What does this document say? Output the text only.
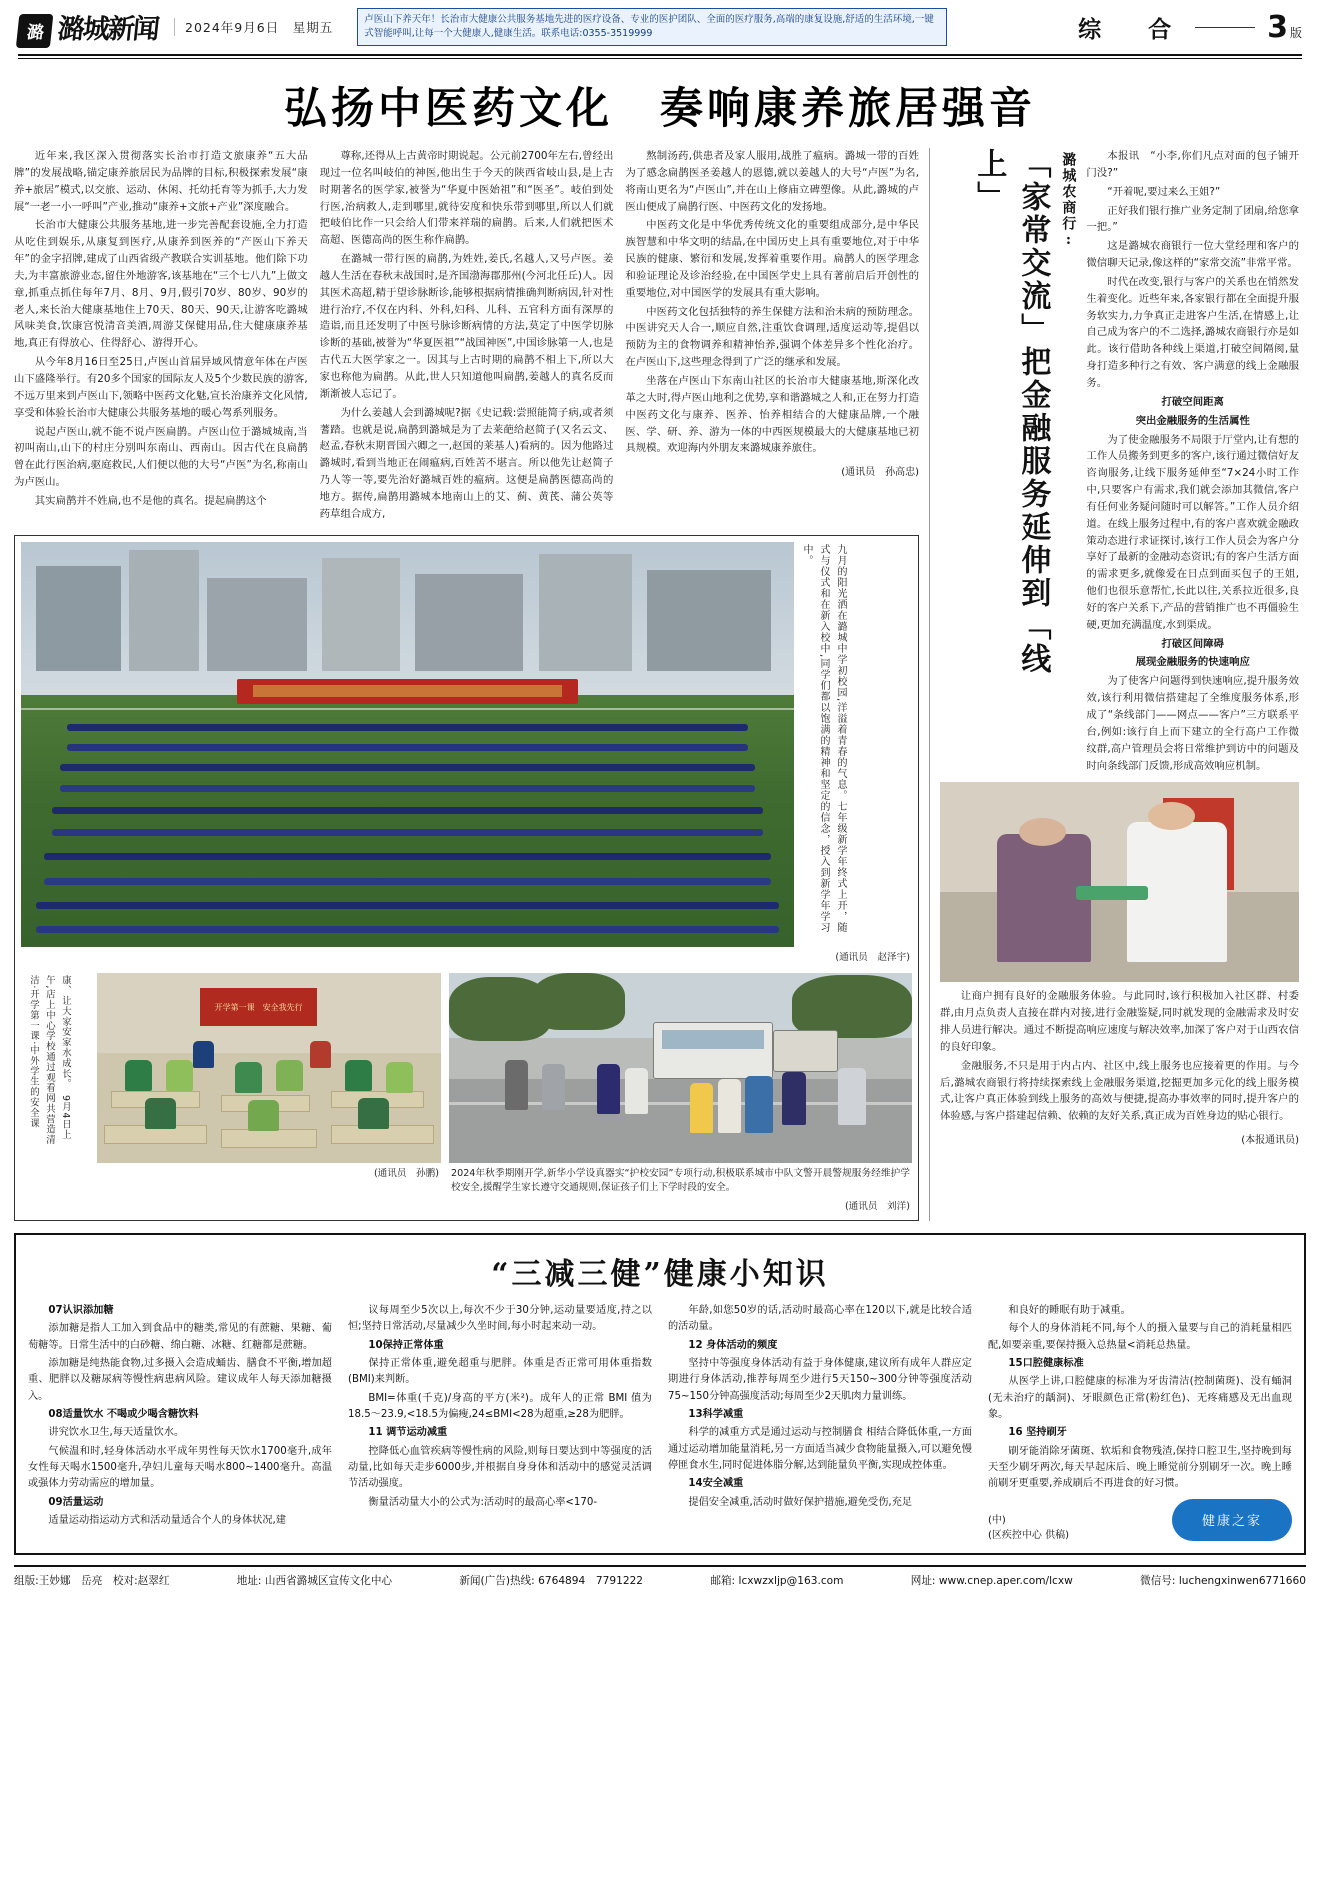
潞 潞城新闻	2024年9月6日　星期五
卢医山下养天年！长治市大健康公共服务基地先进的医疗设备、专业的医护团队、全面的医疗服务,高端的康复设施,舒适的生活环境,一键式智能呼叫,让每一个大健康人,健康生活。联系电话:0355-3519999	综　合	3 版
弘扬中医药文化　奏响康养旅居强音

近年来,我区深入贯彻落实长治市打造文旅康养“五大品牌”的发展战略,锚定康养旅居民为品牌的目标,积极探索发展“康养+旅居”模式,以交旅、运动、休闲、托幼托育等为抓手,大力发展“一老一小一呼叫”产业,推动“康养+文旅+产业”深度融合。

长治市大健康公共服务基地,进一步完善配套设施,全力打造从吃住到娱乐,从康复到医疗,从康养到医养的“产医山下养天年”的金字招牌,建成了山西省级产教联合实训基地。他们除下功夫,为丰富旅游业态,留住外地游客,该基地在“三个七八九”上做文章,抓重点抓住每年7月、8月、9月,假引70岁、80岁、90岁的老人,来长治大健康基地住上70天、80天、90天,让游客吃潞城风味美食,饮康宫悦清音美酒,周游艾保健用品,住大健康康养基地,真正有得放心、住得舒心、游得开心。

从今年8月16日至25日,卢医山首届异域风情意年体在卢医山下盛隆举行。有20多个国家的国际友人及5个少数民族的游客,不远万里来到卢医山下,领略中医药文化魅,宣长治康养文化风情,享受和体验长治市大健康公共服务基地的暖心驾系列服务。

说起卢医山,就不能不说卢医扁鹊。卢医山位于潞城城南,当初叫南山,山下的村庄分别叫东南山、西南山。因古代在良扁鹊曾在此行医治病,驱庭救民,人们便以他的大号“卢医”为名,称南山为卢医山。

其实扁鹊并不姓扁,也不是他的真名。提起扁鹊这个

尊称,还得从上古黄帝时期说起。公元前2700年左右,曾经出现过一位名叫岐伯的神医,他出生于今天的陕西省岐山县,是上古时期著名的医学家,被誉为“华夏中医始祖”和“医圣”。岐伯到处行医,治病救人,走到哪里,就待安度和快乐带到哪里,所以人们就把岐伯比作一只会给人们带来祥瑞的扁鹊。后来,人们就把医术高超、医德高尚的医生称作扁鹊。

在潞城一带行医的扁鹊,为姓姓,姜氏,名越人,又号卢医。姜越人生活在春秋末战国时,是齐国渤海郡那州(今河北任丘)人。因其医术高超,精于望诊脉断诊,能够根据病情推确判断病因,针对性进行治疗,不仅在内科、外科,妇科、儿科、五官科方面有深厚的造诣,而且还发明了中医号脉诊断病情的方法,莫定了中医学切脉诊断的基础,被誉为“华夏医祖”“战国神医”,中国诊脉第一人,也是古代五大医学家之一。因其与上古时期的扁鹊不相上下,所以大家也称他为扁鹊。从此,世人只知道他叫扁鹊,姜越人的真名反而渐渐被人忘记了。

为什么姜越人会到潞城呢?据《史记载:尝照能简子病,或者须蓍踏。也就是说,扁鹊到潞城是为了去莱葩给赵简子(又名云文、赵孟,春秋末期晋国六卿之一,赵国的莱基人)看病的。因为他路过潞城时,看到当地正在闹瘟病,百姓苦不堪言。所以他先让赵简子乃人等一等,要先治好潞城百姓的瘟病。这便是扁鹊医德高尚的地方。据传,扁鹊用潞城本地南山上的艾、蓟、黄芪、蒲公英等药草组合成方,

熬制汤药,供患者及家人服用,战胜了瘟病。潞城一带的百姓为了感念扁鹊医圣姜越人的恩德,就以姜越人的大号“卢医”为名,将南山更名为“卢医山”,并在山上修庙立碑塑像。从此,潞城的卢医山便成了扁鹊行医、中医药文化的发扬地。

中医药文化是中华优秀传统文化的重要组成部分,是中华民族智慧和中华文明的结晶,在中国历史上具有重要地位,对于中华民族的健康、繁衍和发展,发挥着重要作用。扁鹊人的医学理念和验证理论及诊治经验,在中国医学史上具有著前启后开创性的重要地位,对中国医学的发展具有重大影响。

中医药文化包括独特的养生保健方法和治未病的预防理念。中医讲究天人合一,顺应自然,注重饮食调理,适度运动等,提倡以预防为主的食物调养和精神怡养,强调个体差异多个性化治疗。在卢医山下,这些理念得到了广泛的继承和发展。

坐落在卢医山下东南山社区的长治市大健康基地,斯深化改革之大时,得卢医山地利之优势,享和谐潞城之人和,正在努力打造中医药文化与康养、医养、怡养相结合的大健康品牌,一个融医、学、研、养、游为一体的中西医规模最大的大健康基地已初具规模。欢迎海内外朋友来潞城康养旅住。

(通讯员　孙高忠)
九月的阳光洒在潞城中学初校园,洋溢着青春的气息。七年级新学年终式上开，随式与仪式和在新入校中,同学们都以饱满的精神和坚定的信念，授入到新学年学习中。
(通讯员　赵泽宇)
康、让大家安家水成长。　9月4日上午,店上中心学校通过观看网共营造清洁·开学第一课·中外学生的安全课	开学第一课　安全我先行
(通讯员　孙鹏) 2024年秋季期刚开学,新华小学设真器实“护校安园”专项行动,积极联系城市中队文警开晨警规服务经维护学校安全,援醒学生家长遵守交通规则,保证孩子们上下学时段的安全。
(通讯员　刘洋)
潞城农商行:
「家常交流」把金融服务延伸到「线上」	本报讯　“小李,你们凡点对面的包子铺开门没?”

“开着呢,要过来么王姐?”

正好我们银行推广业务定制了团扇,给您拿一把。”

这是潞城农商银行一位大堂经理和客户的微信聊天记录,像这样的“家常交流”非常平常。

时代在改变,银行与客户的关系也在悄然发生着变化。近些年来,各家银行都在全面提升服务软实力,力争真正走进客户生活,在情感上,让自己成为客户的不二选择,潞城农商银行亦是如此。该行借助各种线上渠道,打破空间隔阂,量身打造多种行之有效、客户满意的线上金融服务。

打破空间距离

突出金融服务的生活属性

为了使金融服务不局限于厅堂内,让有想的工作人员搬务到更多的客户,该行通过微信好友咨询服务,让线下服务延伸至“7×24小时工作中,只要客户有需求,我们就会添加其微信,客户有任何业务疑问随时可以解答。”工作人员介绍道。在线上服务过程中,有的客户喜欢就金融政策动态进行求证探讨,该行工作人员会为客户分享好了最新的金融动态资讯;有的客户生活方面的需求更多,就像爱在日点到面买包子的王姐,他们也很乐意帮忙,长此以往,关系拉近很多,良好的客户关系下,产品的营销推广也不再僵验生硬,更加充满温度,水到渠成。

打破区间障碍

展现金融服务的快速响应

为了使客户问题得到快速响应,提升服务效效,该行利用微信搭建起了全维度服务体系,形成了“条线部门——网点——客户”三方联系平台,例如:该行自上而下建立的全行高户工作微纹群,高户管理员会将日常维护到访中的问题及时向条线部门反馈,形成高效响应机制。

让商户拥有良好的金融服务体验。与此同时,该行积极加入社区群、村委群,由月点负责人直接在群内对接,进行金融鉴疑,同时就发现的金融需求及时安排人员进行解决。通过不断提高响应速度与解决效率,加深了客户对于山西农信的良好印象。

金融服务,不只是用于内占内、社区中,线上服务也应接着更的作用。与今后,潞城农商银行将持续探索线上金融服务渠道,挖掘更加多元化的线上服务模式,让客户真正体验到线上服务的高效与便捷,提高办事效率的同时,提升客户的体验感,与客户搭建起信赖、依赖的友好关系,真正成为百姓身边的贴心银行。

(本报通讯员)
“三减三健”健康小知识

07认识添加糖

添加糖是指人工加入到食品中的糖类,常见的有蔗糖、果糖、葡萄糖等。日常生活中的白砂糖、绵白糖、冰糖、红糖都是蔗糖。

添加糖是纯热能食物,过多摄入会造成蛹齿、膳食不平衡,增加超重、肥胖以及糖尿病等慢性病患病风险。建议成年人每天添加糖摄入。

08适量饮水 不喝或少喝含糖饮料

讲究饮水卫生,每天适量饮水。

气候温和时,轻身体活动水平成年男性每天饮水1700毫升,成年女性每天喝水1500毫升,孕妇儿童每天喝水800~1400毫升。高温或强体力劳动需应的增加量。

09活量运动

适量运动指运动方式和活动量适合个人的身体状况,建

议每周至少5次以上,每次不少于30分钟,运动量要适度,持之以恒;坚持日常活动,尽量减少久坐时间,每小时起来动一动。

10保持正常体重

保持正常体重,避免超重与肥胖。体重是否正常可用体重指数(BMI)来判断。

BMI=体重(千克)/身高的平方(米²)。成年人的正常 BMI 值为18.5～23.9,<18.5为偏瘦,24≤BMI<28为超重,≥28为肥胖。

11 调节运动减重

控降低心血管疾病等慢性病的风险,则每日要达到中等强度的活动量,比如每天走步6000步,并根据自身身体和活动中的感觉灵活调节活动强度。

衡量活动量大小的公式为:活动时的最高心率<170-

年龄,如您50岁的话,活动时最高心率在120以下,就是比较合适的活动量。

12 身体活动的频度

坚持中等强度身体活动有益于身体健康,建议所有成年人群应定期进行身体活动,推荐每周至少进行5天150~300分钟等强度活动75~150分钟高强度活动;每周至少2天肌肉力量训练。

13科学减重

科学的减重方式是通过运动与控制膳食 相结合降低体重,一方面通过运动增加能量消耗,另一方面适当减少食物能量摄入,可以避免慢停匪食水生,同时促进体脂分解,达到能量负平衡,实现成控体重。

14安全减重

提倡安全减重,活动时做好保护措施,避免受伤,充足

和良好的睡眠有助于减重。

每个人的身体消耗不同,每个人的摄入量要与自己的消耗量相匹配,如要亲重,要保持摄入总热量<消耗总热量。

15口腔健康标准

从医学上讲,口腔健康的标准为牙齿清洁(控制菌斑)、没有蛹洞(无未治疗的龋洞)、牙眼颜色正常(粉红色)、无疼痛感及无出血现象。

16 坚持刷牙

刷牙能消除牙菌斑、软垢和食物残渣,保持口腔卫生,坚持晚到每天至少刷牙两次,每天早起床后、晚上睡觉前分别刷牙一次。晚上睡前刷牙更重要,养成刷后不再进食的好习惯。

(中)
(区疾控中心 供稿)
健康之家
组版:王妙娜　岳亮　校对:赵翠红	地址: 山西省潞城区宣传文化中心	新闻(广告)热线: 6764894　7791222	邮箱: lcxwzxljp@163.com	网址: www.cnep.aper.com/lcxw	微信号: luchengxinwen6771660
